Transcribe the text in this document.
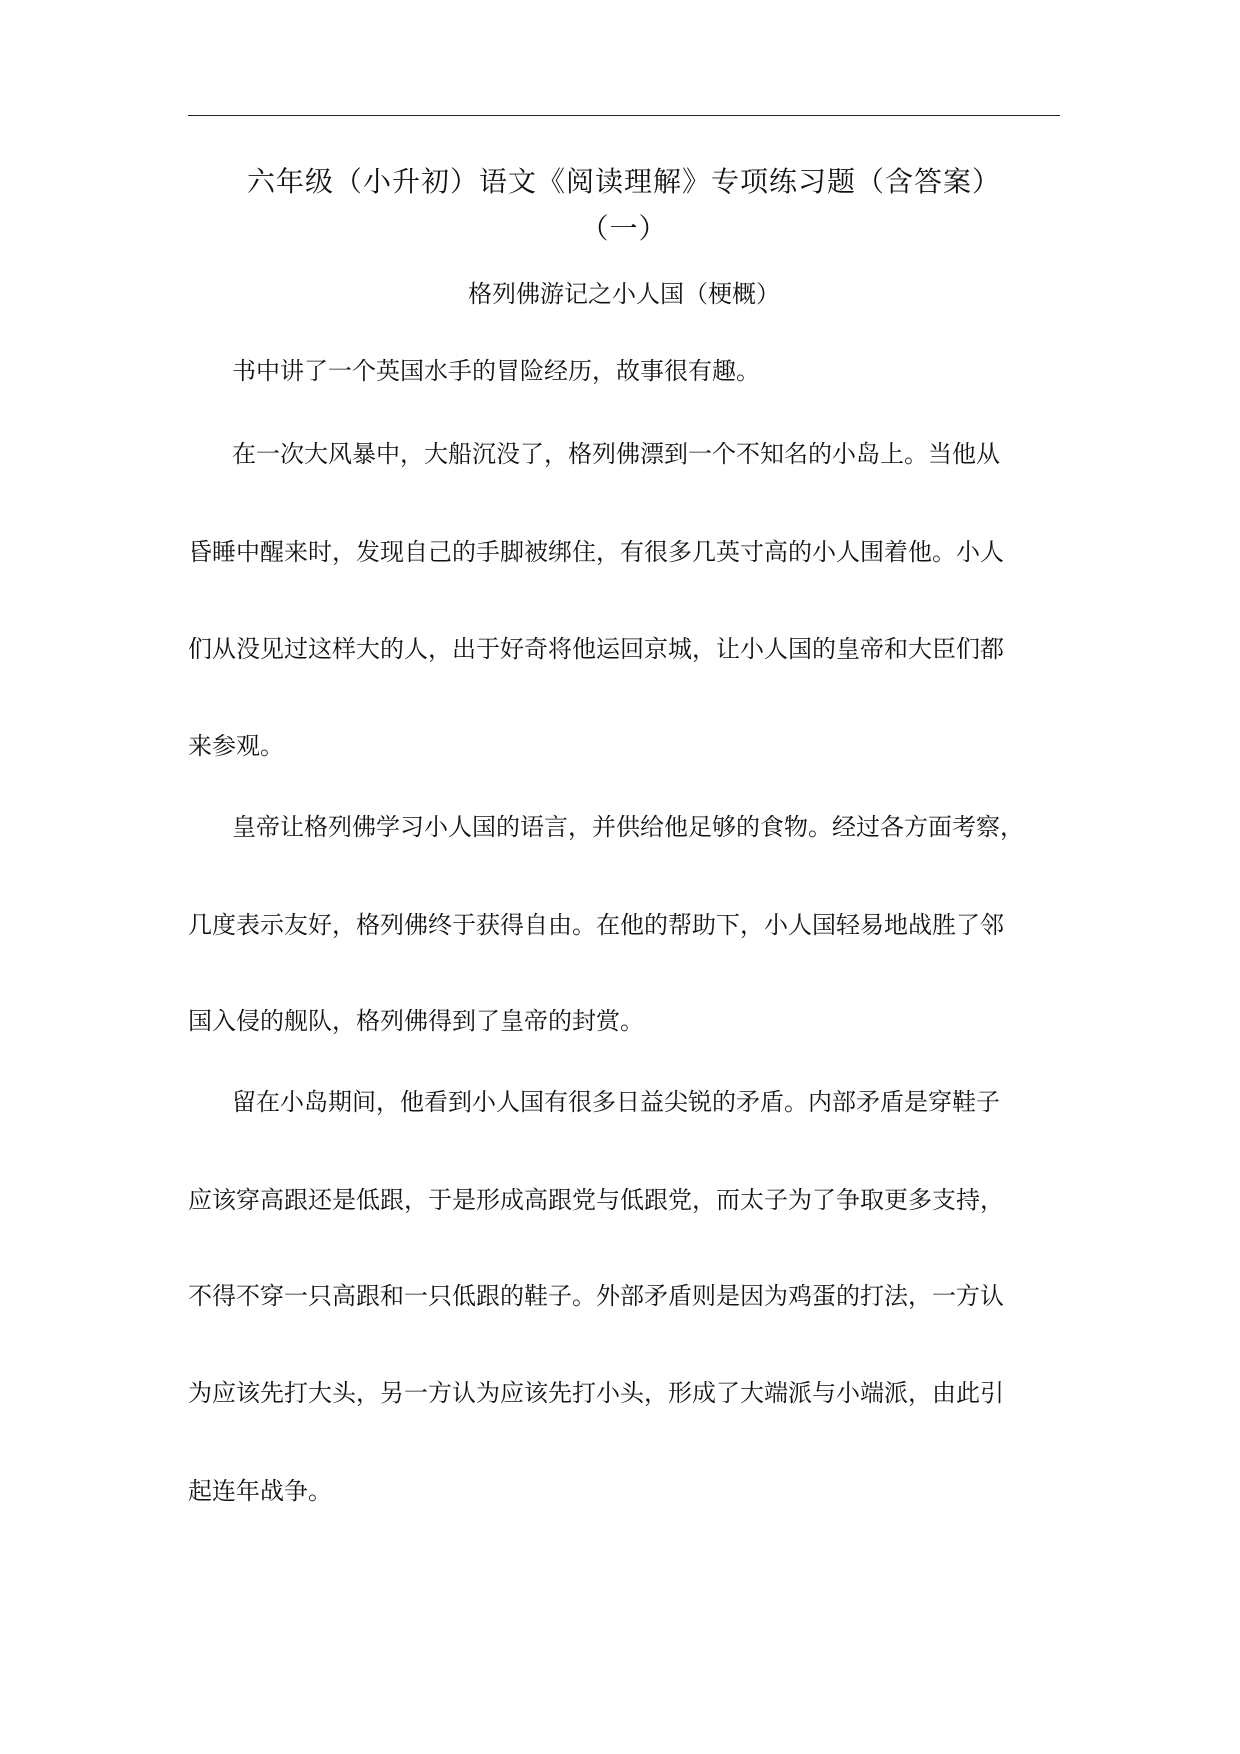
六年级（小升初）语文《阅读理解》专项练习题（含答案）
（一）
格列佛游记之小人国（梗概）

书中讲了一个英国水手的冒险经历，故事很有趣。

在一次大风暴中，大船沉没了，格列佛漂到一个不知名的小岛上。当他从

昏睡中醒来时，发现自己的手脚被绑住，有很多几英寸高的小人围着他。小人

们从没见过这样大的人，出于好奇将他运回京城，让小人国的皇帝和大臣们都

来参观。

皇帝让格列佛学习小人国的语言，并供给他足够的食物。经过各方面考察，

几度表示友好，格列佛终于获得自由。在他的帮助下，小人国轻易地战胜了邻

国入侵的舰队，格列佛得到了皇帝的封赏。

留在小岛期间，他看到小人国有很多日益尖锐的矛盾。内部矛盾是穿鞋子

应该穿高跟还是低跟，于是形成高跟党与低跟党，而太子为了争取更多支持，

不得不穿一只高跟和一只低跟的鞋子。外部矛盾则是因为鸡蛋的打法，一方认

为应该先打大头，另一方认为应该先打小头，形成了大端派与小端派，由此引

起连年战争。
